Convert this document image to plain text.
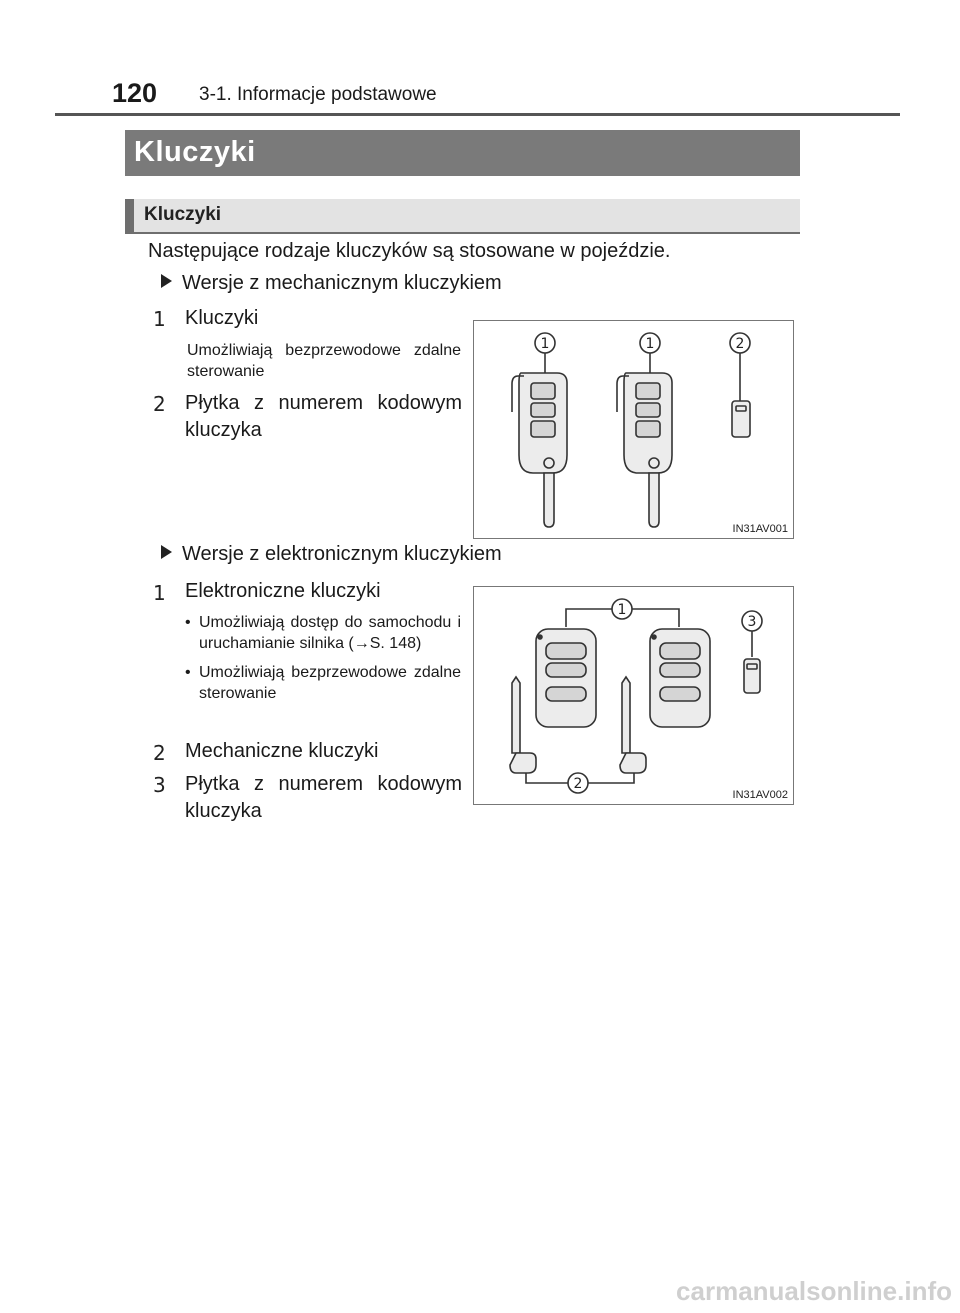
120 3-1. Informacje podstawowe
Kluczyki
Kluczyki
Następujące rodzaje kluczyków są stosowane w pojeździe.
Wersje z mechanicznym kluczykiem
1 Kluczyki
Umożliwiają bezprzewodowe zdalne sterowanie
2 Płytka z numerem kodowym kluczyka
1	1	2
IN31AV001
Wersje z elektronicznym kluczykiem
1 Elektroniczne kluczyki
• Umożliwiają dostęp do samochodu i uruchamianie silnika (→S. 148)
• Umożliwiają bezprzewodowe zdalne sterowanie
2 Mechaniczne kluczyki
3 Płytka z numerem kodowym kluczyka
1
2
3
IN31AV002
carmanualsonline.info
